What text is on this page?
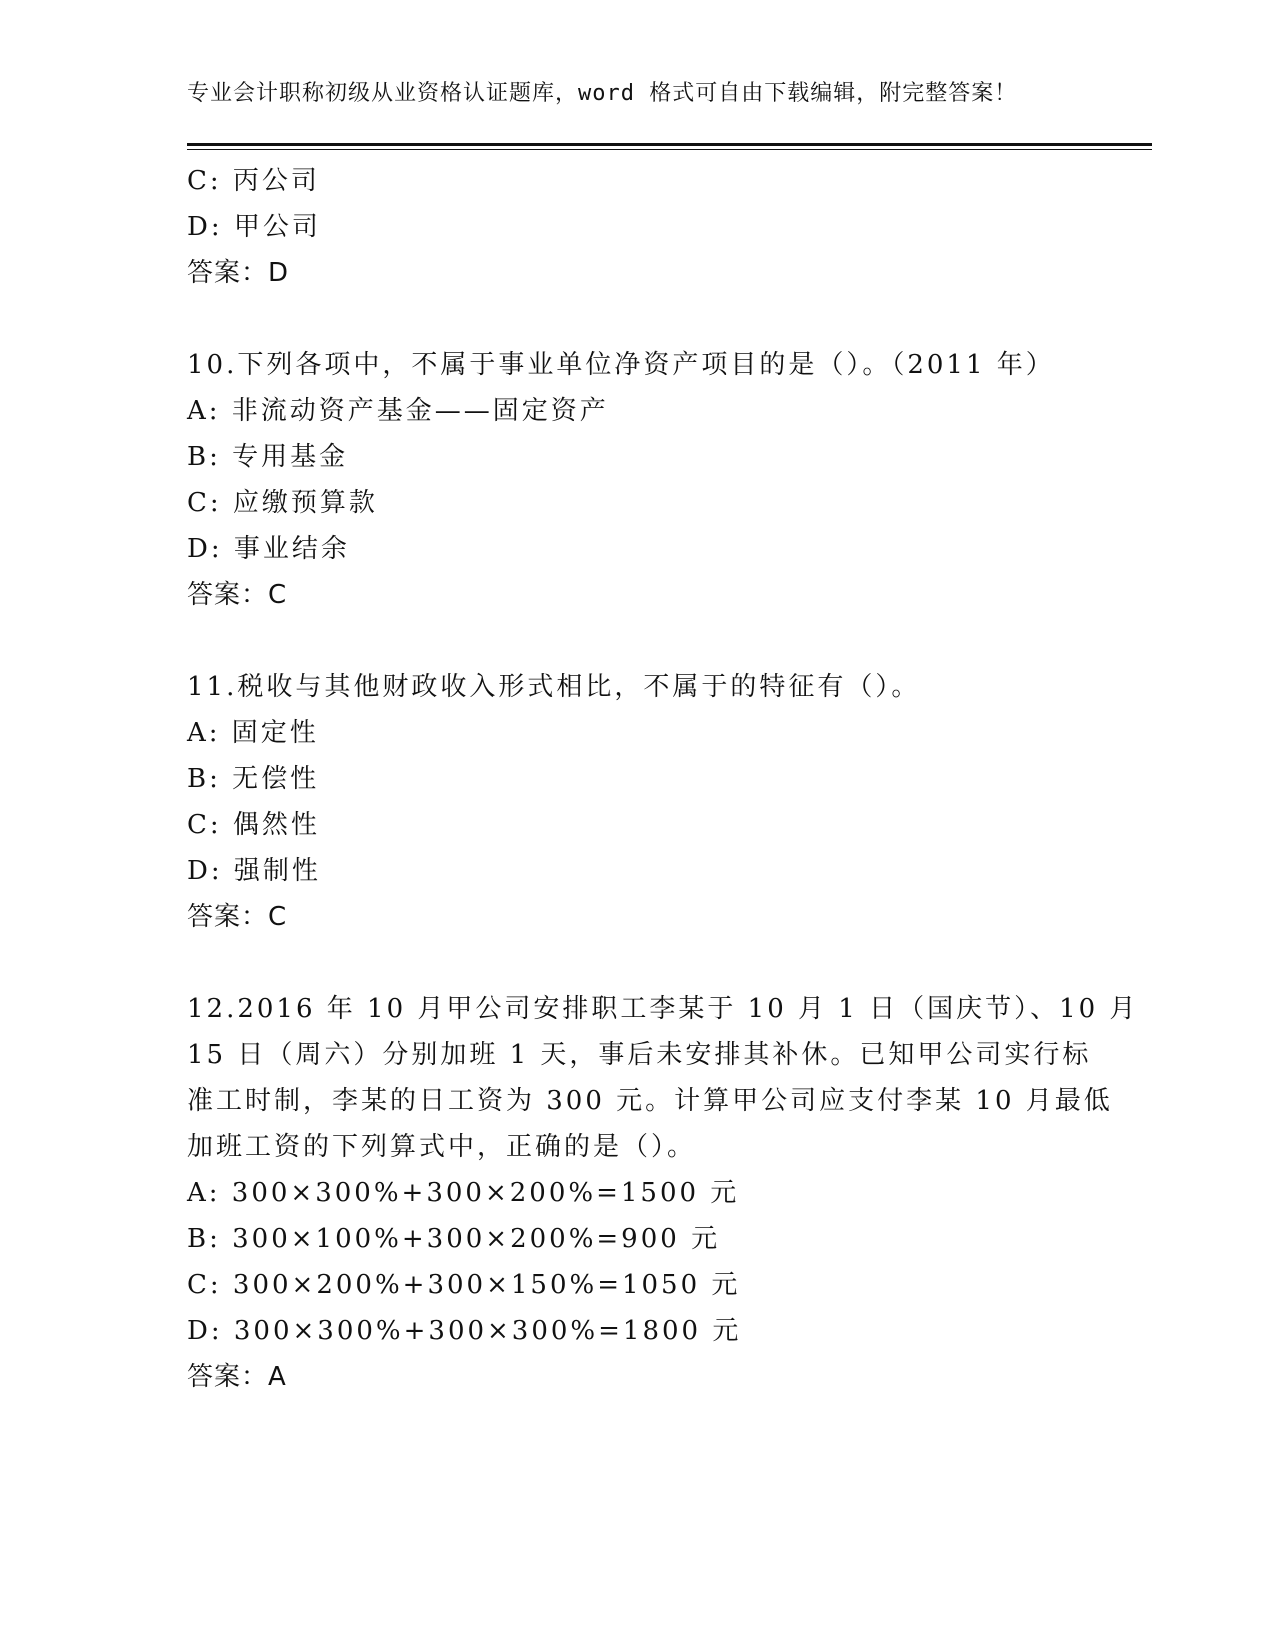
专业会计职称初级从业资格认证题库，word 格式可自由下载编辑，附完整答案！
C: 丙公司
D: 甲公司
答案：D
10.下列各项中，不属于事业单位净资产项目的是（）。（2011 年）
A: 非流动资产基金——固定资产
B: 专用基金
C: 应缴预算款
D: 事业结余
答案：C
11.税收与其他财政收入形式相比，不属于的特征有（）。
A: 固定性
B: 无偿性
C: 偶然性
D: 强制性
答案：C
12.2016 年 10 月甲公司安排职工李某于 10 月 1 日（国庆节）、10 月
15 日（周六）分别加班 1 天，事后未安排其补休。已知甲公司实行标
准工时制，李某的日工资为 300 元。计算甲公司应支付李某 10 月最低
加班工资的下列算式中，正确的是（）。
A: 300×300%+300×200%=1500 元
B: 300×100%+300×200%=900 元
C: 300×200%+300×150%=1050 元
D: 300×300%+300×300%=1800 元
答案：A
